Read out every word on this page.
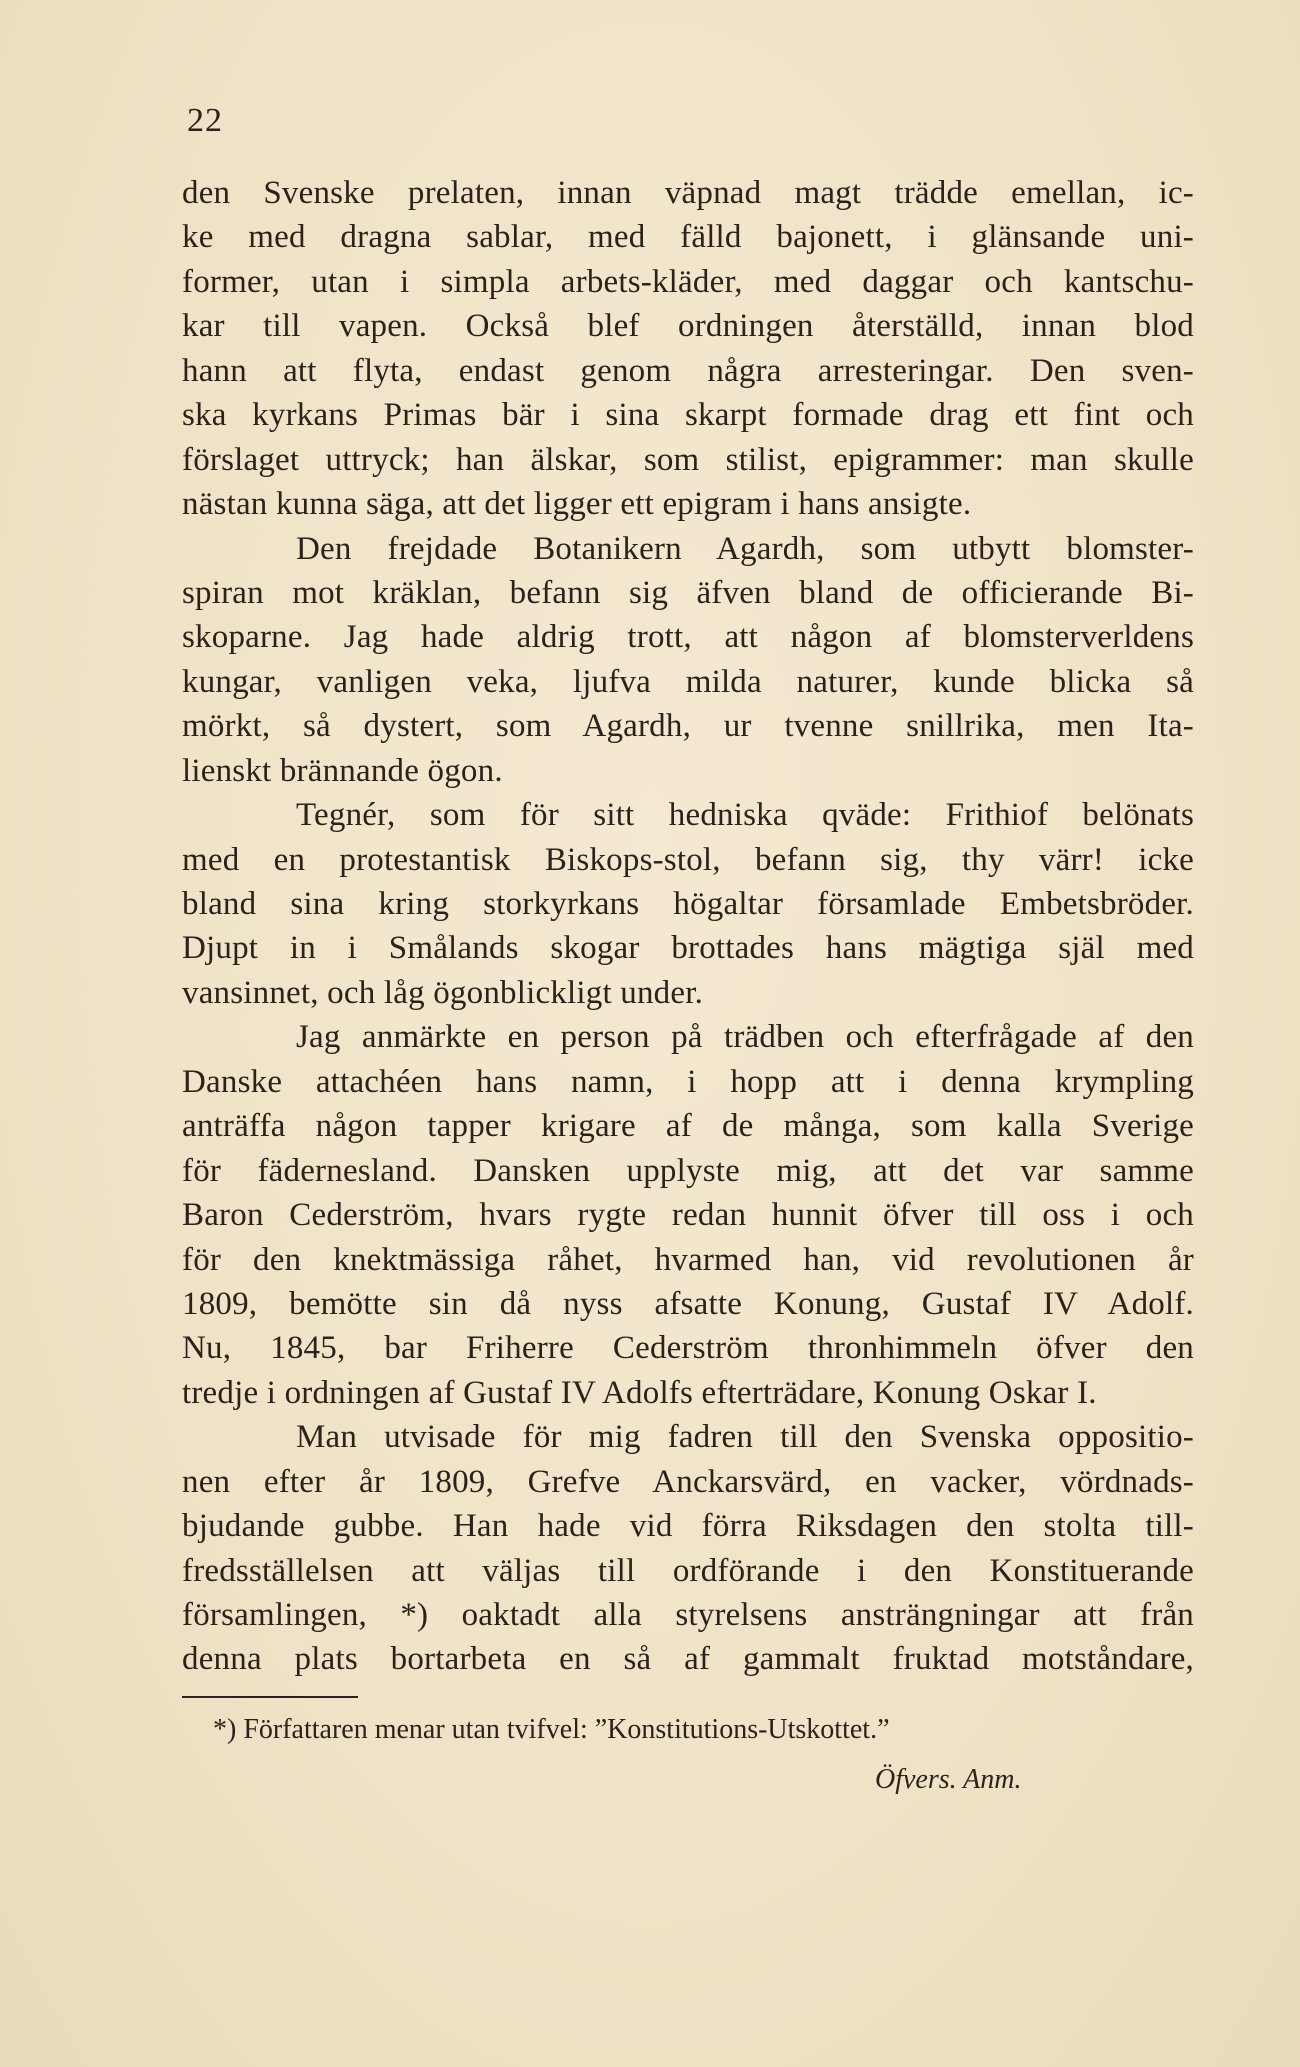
22
den Svenske prelaten, innan väpnad magt trädde emellan, ic-
ke med dragna sablar, med fälld bajonett, i glänsande uni-
former, utan i simpla arbets-kläder, med daggar och kantschu-
kar till vapen. Också blef ordningen återställd, innan blod
hann att flyta, endast genom några arresteringar. Den sven-
ska kyrkans Primas bär i sina skarpt formade drag ett fint och
förslaget uttryck; han älskar, som stilist, epigrammer: man skulle
nästan kunna säga, att det ligger ett epigram i hans ansigte.
Den frejdade Botanikern Agardh, som utbytt blomster-
spiran mot kräklan, befann sig äfven bland de officierande Bi-
skoparne. Jag hade aldrig trott, att någon af blomsterverldens
kungar, vanligen veka, ljufva milda naturer, kunde blicka så
mörkt, så dystert, som Agardh, ur tvenne snillrika, men Ita-
lienskt brännande ögon.
Tegnér, som för sitt hedniska qväde: Frithiof belönats
med en protestantisk Biskops-stol, befann sig, thy värr! icke
bland sina kring storkyrkans högaltar församlade Embetsbröder.
Djupt in i Smålands skogar brottades hans mägtiga själ med
vansinnet, och låg ögonblickligt under.
Jag anmärkte en person på trädben och efterfrågade af den
Danske attachéen hans namn, i hopp att i denna krympling
anträffa någon tapper krigare af de många, som kalla Sverige
för fädernesland. Dansken upplyste mig, att det var samme
Baron Cederström, hvars rygte redan hunnit öfver till oss i och
för den knektmässiga råhet, hvarmed han, vid revolutionen år
1809, bemötte sin då nyss afsatte Konung, Gustaf IV Adolf.
Nu, 1845, bar Friherre Cederström thronhimmeln öfver den
tredje i ordningen af Gustaf IV Adolfs efterträdare, Konung Oskar I.
Man utvisade för mig fadren till den Svenska oppositio-
nen efter år 1809, Grefve Anckarsvärd, en vacker, vördnads-
bjudande gubbe. Han hade vid förra Riksdagen den stolta till-
fredsställelsen att väljas till ordförande i den Konstituerande
församlingen, *) oaktadt alla styrelsens ansträngningar att från
denna plats bortarbeta en så af gammalt fruktad motståndare,
*) Författaren menar utan tvifvel: ”Konstitutions-Utskottet.”
Öfvers. Anm.
